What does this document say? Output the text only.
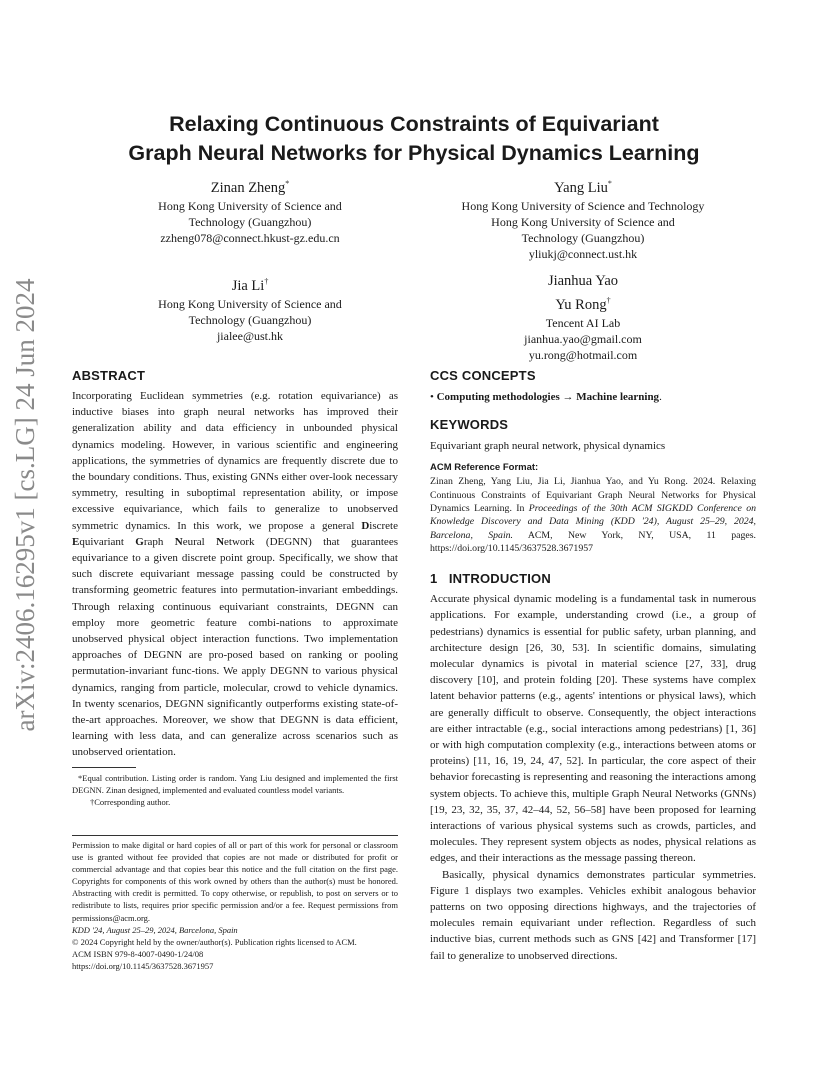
arXiv:2406.16295v1 [cs.LG] 24 Jun 2024
Relaxing Continuous Constraints of Equivariant
Graph Neural Networks for Physical Dynamics Learning
Zinan Zheng*
Hong Kong University of Science and
Technology (Guangzhou)
zzheng078@connect.hkust-gz.edu.cn
Yang Liu*
Hong Kong University of Science and Technology
Hong Kong University of Science and
Technology (Guangzhou)
yliukj@connect.ust.hk
Jia Li†
Hong Kong University of Science and
Technology (Guangzhou)
jialee@ust.hk
Jianhua Yao
Yu Rong†
Tencent AI Lab
jianhua.yao@gmail.com
yu.rong@hotmail.com
ABSTRACT

Incorporating Euclidean symmetries (e.g. rotation equivariance) as inductive biases into graph neural networks has improved their generalization ability and data efficiency in unbounded physical dynamics modeling. However, in various scientific and engineering applications, the symmetries of dynamics are frequently discrete due to the boundary conditions. Thus, existing GNNs either over-look necessary symmetry, resulting in suboptimal representation ability, or impose excessive equivariance, which fails to generalize to unobserved symmetric dynamics. In this work, we propose a general Discrete Equivariant Graph Neural Network (DEGNN) that guarantees equivariance to a given discrete point group. Specifically, we show that such discrete equivariant message passing could be constructed by transforming geometric features into permutation-invariant embeddings. Through relaxing continuous equivariant constraints, DEGNN can employ more geometric feature combi-nations to approximate unobserved physical object interaction functions. Two implementation approaches of DEGNN are pro-posed based on ranking or pooling permutation-invariant func-tions. We apply DEGNN to various physical dynamics, ranging from particle, molecular, crowd to vehicle dynamics. In twenty scenarios, DEGNN significantly outperforms existing state-of-the-art approaches. Moreover, we show that DEGNN is data efficient, learning with less data, and can generalize across scenarios such as unobserved orientation.

*Equal contribution. Listing order is random. Yang Liu designed and implemented the first DEGNN. Zinan designed, implemented and evaluated countless model variants.
†Corresponding author.
Permission to make digital or hard copies of all or part of this work for personal or classroom use is granted without fee provided that copies are not made or distributed for profit or commercial advantage and that copies bear this notice and the full citation on the first page. Copyrights for components of this work owned by others than the author(s) must be honored. Abstracting with credit is permitted. To copy otherwise, or republish, to post on servers or to redistribute to lists, requires prior specific permission and/or a fee. Request permissions from permissions@acm.org.
KDD '24, August 25–29, 2024, Barcelona, Spain
© 2024 Copyright held by the owner/author(s). Publication rights licensed to ACM.
ACM ISBN 979-8-4007-0490-1/24/08
https://doi.org/10.1145/3637528.3671957
CCS CONCEPTS
• Computing methodologies → Machine learning.
KEYWORDS
Equivariant graph neural network, physical dynamics
ACM Reference Format:
Zinan Zheng, Yang Liu, Jia Li, Jianhua Yao, and Yu Rong. 2024. Relaxing Continuous Constraints of Equivariant Graph Neural Networks for Physical Dynamics Learning. In Proceedings of the 30th ACM SIGKDD Conference on Knowledge Discovery and Data Mining (KDD '24), August 25–29, 2024, Barcelona, Spain. ACM, New York, NY, USA, 11 pages. https://doi.org/10.1145/3637528.3671957
1   INTRODUCTION

Accurate physical dynamic modeling is a fundamental task in numerous applications. For example, understanding crowd (i.e., a group of pedestrians) dynamics is essential for public safety, urban planning, and architecture design [26, 30, 53]. In scientific domains, simulating molecular dynamics is pivotal in material science [27, 33], drug discovery [10], and protein folding [20]. These systems have complex latent behavior patterns (e.g., agents' intentions or physical laws), which are generally difficult to observe. Consequently, the object interactions are either intractable (e.g., social interactions among pedestrians) [1, 36] or with high computation complexity (e.g., interactions between atoms or proteins) [11, 16, 19, 24, 47, 52]. In particular, the core aspect of their behavior forecasting is representing and reasoning the interactions among system objects. To achieve this, multiple Graph Neural Networks (GNNs) [19, 23, 32, 35, 37, 42–44, 52, 56–58] have been proposed for learning interactions of various physical systems such as crowds, particles, and molecules. They represent system objects as nodes, physical relations as edges, and their interactions as the message passing thereon.

Basically, physical dynamics demonstrates particular symmetries. Figure 1 displays two examples. Vehicles exhibit analogous behavior patterns on two opposing directions highways, and the trajectories of molecules remain equivariant under reflection. Regardless of such inductive bias, current methods such as GNS [42] and Transformer [17] fail to generalize to unobserved directions.
